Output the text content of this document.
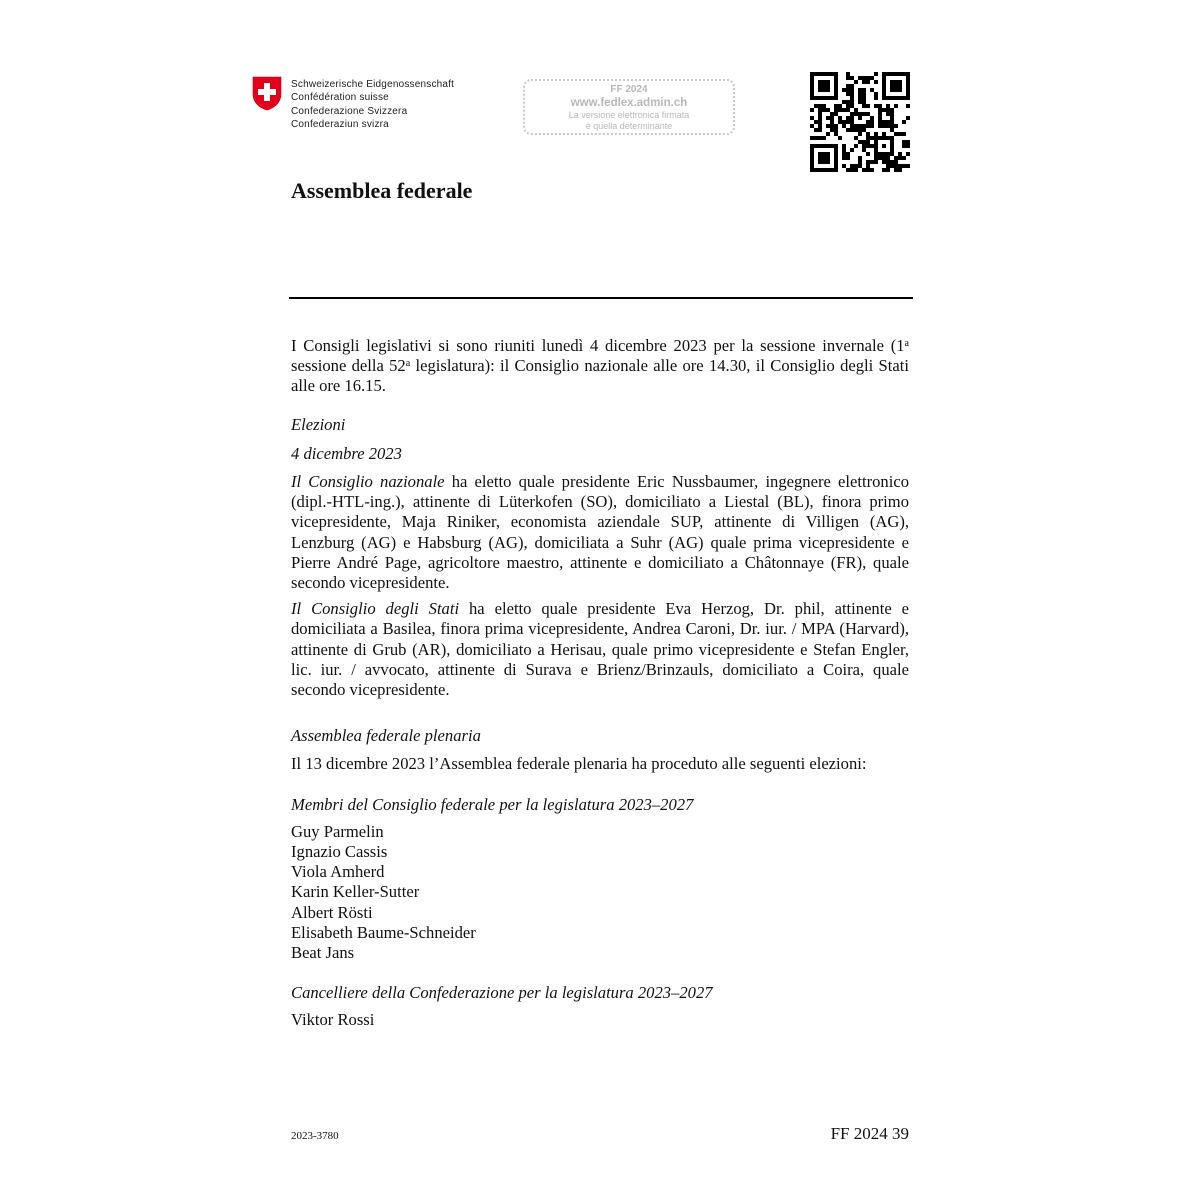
Schweizerische Eidgenossenschaft
Confédération suisse
Confederazione Svizzera
Confederaziun svizra
FF 2024
www.fedlex.admin.ch
La versione elettronica firmata
è quella determinante
Assemblea federale

I Consigli legislativi si sono riuniti lunedì 4 dicembre 2023 per la sessione invernale (1$^a$ sessione della 52$^a$ legislatura): il Consiglio nazionale alle ore 14.30, il Consiglio degli Stati alle ore 16.15.

Elezioni

4 dicembre 2023

Il Consiglio nazionale ha eletto quale presidente Eric Nussbaumer, ingegnere elettronico (dipl.-HTL-ing.), attinente di Lüterkofen (SO), domiciliato a Liestal (BL), finora primo vicepresidente, Maja Riniker, economista aziendale SUP, attinente di Villigen (AG), Lenzburg (AG) e Habsburg (AG), domiciliata a Suhr (AG) quale prima vicepresidente e Pierre André Page, agricoltore maestro, attinente e domiciliato a Châtonnaye (FR), quale secondo vicepresidente.

Il Consiglio degli Stati ha eletto quale presidente Eva Herzog, Dr. phil, attinente e domiciliata a Basilea, finora prima vicepresidente, Andrea Caroni, Dr. iur. / MPA (Harvard), attinente di Grub (AR), domiciliato a Herisau, quale primo vicepresidente e Stefan Engler, lic. iur. / avvocato, attinente di Surava e Brienz/Brinzauls, domiciliato a Coira, quale secondo vicepresidente.

Assemblea federale plenaria

Il 13 dicembre 2023 l’Assemblea federale plenaria ha proceduto alle seguenti elezioni:

Membri del Consiglio federale per la legislatura 2023–2027

Guy Parmelin
Ignazio Cassis
Viola Amherd
Karin Keller-Sutter
Albert Rösti
Elisabeth Baume-Schneider
Beat Jans

Cancelliere della Confederazione per la legislatura 2023–2027

Viktor Rossi

2023-3780	FF 2024 39
